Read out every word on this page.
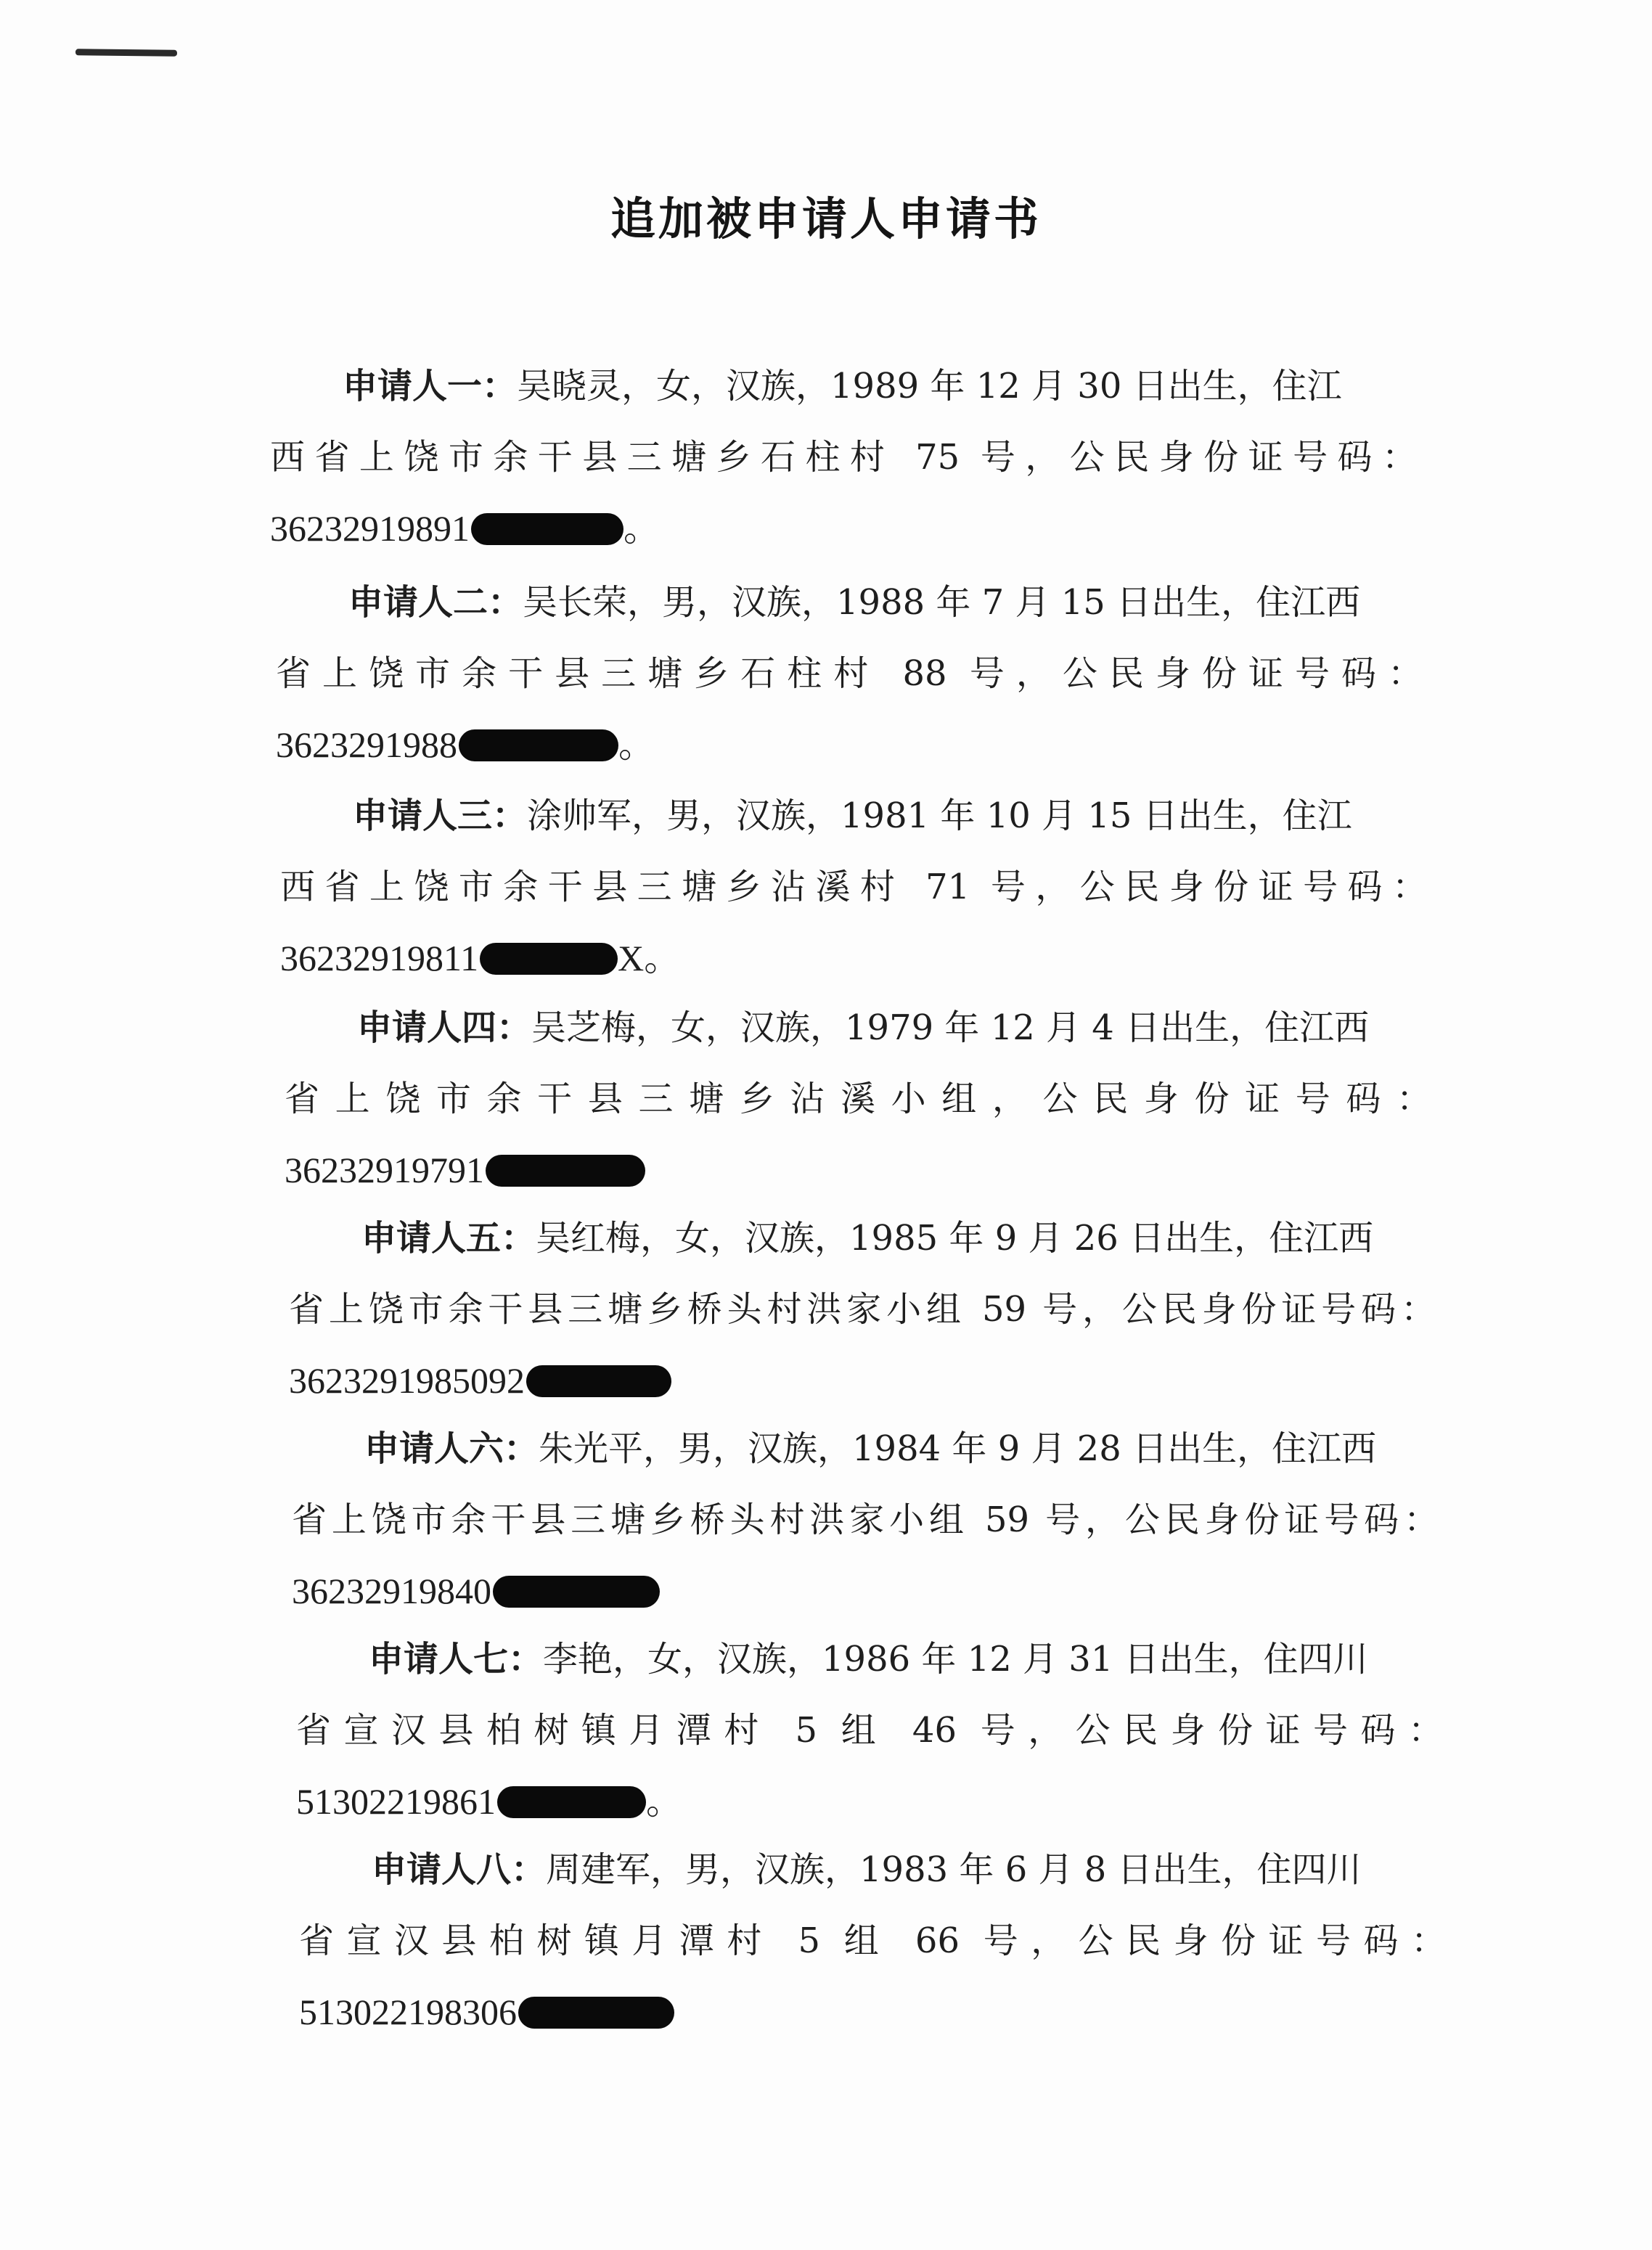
追加被申请人申请书
申请人一：吴晓灵，女，汉族，1989 年 12 月 30 日出生，住江
西省上饶市余干县三塘乡石柱村 75 号，公民身份证号码：
36232919891	。
申请人二：吴长荣，男，汉族，1988 年 7 月 15 日出生，住江西
省上饶市余干县三塘乡石柱村 88 号，公民身份证号码：
3623291988	。
申请人三：涂帅军，男，汉族，1981 年 10 月 15 日出生，住江
西省上饶市余干县三塘乡沾溪村 71 号，公民身份证号码：
36232919811	X。
申请人四：吴芝梅，女，汉族，1979 年 12 月 4 日出生，住江西
省上饶市余干县三塘乡沾溪小组，公民身份证号码：
36232919791
申请人五：吴红梅，女，汉族，1985 年 9 月 26 日出生，住江西
省上饶市余干县三塘乡桥头村洪家小组 59 号，公民身份证号码：
3623291985092
申请人六：朱光平，男，汉族，1984 年 9 月 28 日出生，住江西
省上饶市余干县三塘乡桥头村洪家小组 59 号，公民身份证号码：
36232919840
申请人七：李艳，女，汉族，1986 年 12 月 31 日出生，住四川
省宣汉县柏树镇月潭村 5 组 46 号，公民身份证号码：
51302219861	。
申请人八：周建军，男，汉族，1983 年 6 月 8 日出生，住四川
省宣汉县柏树镇月潭村 5 组 66 号，公民身份证号码：
513022198306
